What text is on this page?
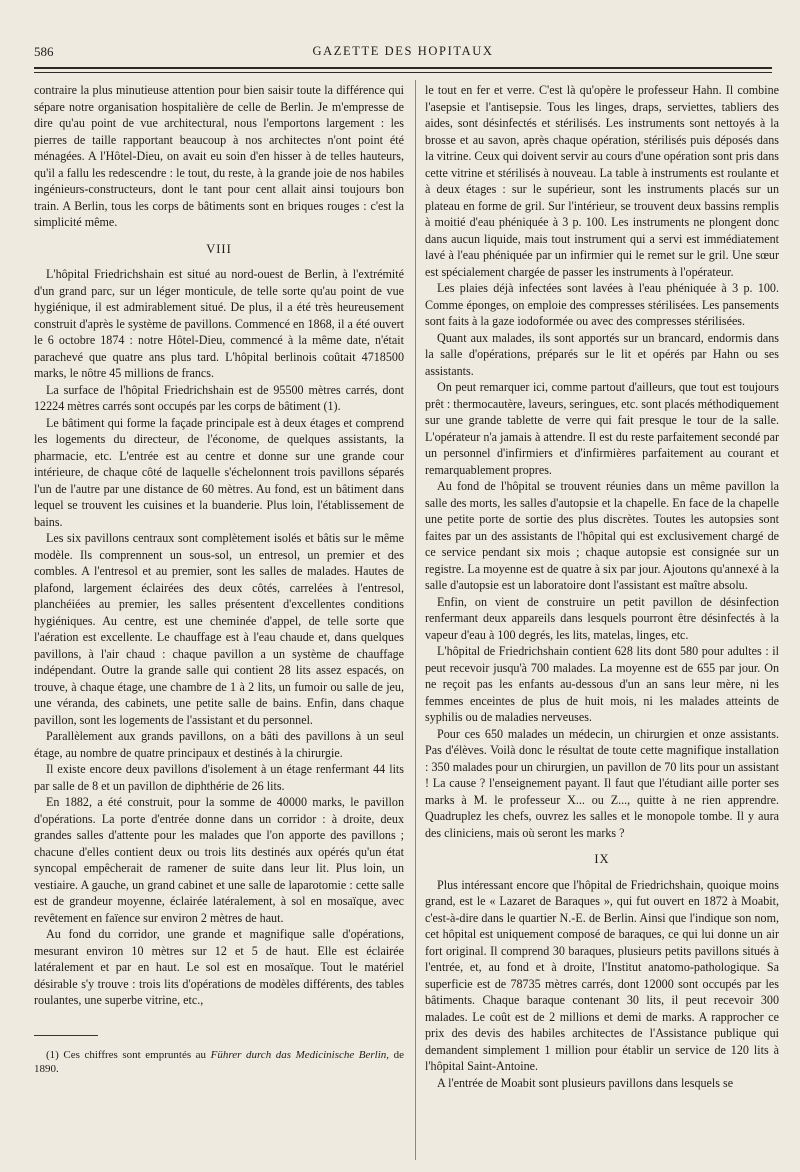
586	GAZETTE DES HOPITAUX

contraire la plus minutieuse attention pour bien saisir toute la différence qui sépare notre organisation hospitalière de celle de Berlin. Je m'empresse de dire qu'au point de vue architectural, nous l'emportons largement : les pierres de taille rapportant beaucoup à nos architectes n'ont point été ménagées. A l'Hôtel-Dieu, on avait eu soin d'en hisser à de telles hauteurs, qu'il a fallu les redescendre : le tout, du reste, à la grande joie de nos habiles ingénieurs-constructeurs, dont le tant pour cent allait ainsi toujours bon train. A Berlin, tous les corps de bâtiments sont en briques rouges : c'est la simplicité même.

VIII

L'hôpital Friedrichshain est situé au nord-ouest de Berlin, à l'extrémité d'un grand parc, sur un léger monticule, de telle sorte qu'au point de vue hygiénique, il est admirablement situé. De plus, il a été très heureusement construit d'après le système de pavillons. Commencé en 1868, il a été ouvert le 6 octobre 1874 : notre Hôtel-Dieu, commencé à la même date, n'était parachevé que quatre ans plus tard. L'hôpital berlinois coûtait 4718500 marks, le nôtre 45 millions de francs.

La surface de l'hôpital Friedrichshain est de 95500 mètres carrés, dont 12224 mètres carrés sont occupés par les corps de bâtiment (1).

Le bâtiment qui forme la façade principale est à deux étages et comprend les logements du directeur, de l'économe, de quelques assistants, la pharmacie, etc. L'entrée est au centre et donne sur une grande cour intérieure, de chaque côté de laquelle s'échelonnent trois pavillons séparés l'un de l'autre par une distance de 60 mètres. Au fond, est un bâtiment dans lequel se trouvent les cuisines et la buanderie. Plus loin, l'établissement de bains.

Les six pavillons centraux sont complètement isolés et bâtis sur le même modèle. Ils comprennent un sous-sol, un entresol, un premier et des combles. A l'entresol et au premier, sont les salles de malades. Hautes de plafond, largement éclairées des deux côtés, carrelées à l'entresol, planchéiées au premier, les salles présentent d'excellentes conditions hygiéniques. Au centre, est une cheminée d'appel, de telle sorte que l'aération est excellente. Le chauffage est à l'eau chaude et, dans quelques pavillons, à l'air chaud : chaque pavillon a un système de chauffage indépendant. Outre la grande salle qui contient 28 lits assez espacés, on trouve, à chaque étage, une chambre de 1 à 2 lits, un fumoir ou salle de jeu, une véranda, des cabinets, une petite salle de bains. Enfin, dans chaque pavillon, sont les logements de l'assistant et du personnel.

Parallèlement aux grands pavillons, on a bâti des pavillons à un seul étage, au nombre de quatre principaux et destinés à la chirurgie.

Il existe encore deux pavillons d'isolement à un étage renfermant 44 lits par salle de 8 et un pavillon de diphthérie de 26 lits.

En 1882, a été construit, pour la somme de 40000 marks, le pavillon d'opérations. La porte d'entrée donne dans un corridor : à droite, deux grandes salles d'attente pour les malades que l'on apporte des pavillons ; chacune d'elles contient deux ou trois lits destinés aux opérés qu'un état syncopal empêcherait de ramener de suite dans leur lit. Plus loin, un vestiaire. A gauche, un grand cabinet et une salle de laparotomie : cette salle est de grandeur moyenne, éclairée latéralement, à sol en mosaïque, avec revêtement en faïence sur environ 2 mètres de haut.

Au fond du corridor, une grande et magnifique salle d'opérations, mesurant environ 10 mètres sur 12 et 5 de haut. Elle est éclairée latéralement et par en haut. Le sol est en mosaïque. Tout le matériel désirable s'y trouve : trois lits d'opérations de modèles différents, des tables roulantes, une superbe vitrine, etc.,

(1) Ces chiffres sont empruntés au Führer durch das Medicinische Berlin, de 1890.

le tout en fer et verre. C'est là qu'opère le professeur Hahn. Il combine l'asepsie et l'antisepsie. Tous les linges, draps, serviettes, tabliers des aides, sont désinfectés et stérilisés. Les instruments sont nettoyés à la brosse et au savon, après chaque opération, stérilisés puis déposés dans la vitrine. Ceux qui doivent servir au cours d'une opération sont pris dans cette vitrine et stérilisés à nouveau. La table à instruments est roulante et à deux étages : sur le supérieur, sont les instruments placés sur un plateau en forme de gril. Sur l'intérieur, se trouvent deux bassins remplis à moitié d'eau phéniquée à 3 p. 100. Les instruments ne plongent donc dans aucun liquide, mais tout instrument qui a servi est immédiatement lavé à l'eau phéniquée par un infirmier qui le remet sur le gril. Une sœur est spécialement chargée de passer les instruments à l'opérateur.

Les plaies déjà infectées sont lavées à l'eau phéniquée à 3 p. 100. Comme éponges, on emploie des compresses stérilisées. Les pansements sont faits à la gaze iodoformée ou avec des compresses stérilisées.

Quant aux malades, ils sont apportés sur un brancard, endormis dans la salle d'opérations, préparés sur le lit et opérés par Hahn ou ses assistants.

On peut remarquer ici, comme partout d'ailleurs, que tout est toujours prêt : thermocautère, laveurs, seringues, etc. sont placés méthodiquement sur une grande tablette de verre qui fait presque le tour de la salle. L'opérateur n'a jamais à attendre. Il est du reste parfaitement secondé par un personnel d'infirmiers et d'infirmières parfaitement au courant et remarquablement propres.

Au fond de l'hôpital se trouvent réunies dans un même pavillon la salle des morts, les salles d'autopsie et la chapelle. En face de la chapelle une petite porte de sortie des plus discrètes. Toutes les autopsies sont faites par un des assistants de l'hôpital qui est exclusivement chargé de ce service pendant six mois ; chaque autopsie est consignée sur un registre. La moyenne est de quatre à six par jour. Ajoutons qu'annexé à la salle d'autopsie est un laboratoire dont l'assistant est maître absolu.

Enfin, on vient de construire un petit pavillon de désinfection renfermant deux appareils dans lesquels pourront être désinfectés à la vapeur d'eau à 100 degrés, les lits, matelas, linges, etc.

L'hôpital de Friedrichshain contient 628 lits dont 580 pour adultes : il peut recevoir jusqu'à 700 malades. La moyenne est de 655 par jour. On ne reçoit pas les enfants au-dessous d'un an sans leur mère, ni les femmes enceintes de plus de huit mois, ni les malades atteints de syphilis ou de maladies nerveuses.

Pour ces 650 malades un médecin, un chirurgien et onze assistants. Pas d'élèves. Voilà donc le résultat de toute cette magnifique installation : 350 malades pour un chirurgien, un pavillon de 70 lits pour un assistant ! La cause ? l'enseignement payant. Il faut que l'étudiant aille porter ses marks à M. le professeur X... ou Z..., quitte à ne rien apprendre. Quadruplez les chefs, ouvrez les salles et le monopole tombe. Il y aura des cliniciens, mais où seront les marks ?

IX

Plus intéressant encore que l'hôpital de Friedrichshain, quoique moins grand, est le « Lazaret de Baraques », qui fut ouvert en 1872 à Moabit, c'est-à-dire dans le quartier N.-E. de Berlin. Ainsi que l'indique son nom, cet hôpital est uniquement composé de baraques, ce qui lui donne un air fort original. Il comprend 30 baraques, plusieurs petits pavillons situés à l'entrée, et, au fond et à droite, l'Institut anatomo-pathologique. Sa superficie est de 78735 mètres carrés, dont 12000 sont occupés par les bâtiments. Chaque baraque contenant 30 lits, il peut recevoir 300 malades. Le coût est de 2 millions et demi de marks. A rapprocher ce prix des devis des habiles architectes de l'Assistance publique qui demandent simplement 1 million pour établir un service de 120 lits à l'hôpital Saint-Antoine.

A l'entrée de Moabit sont plusieurs pavillons dans lesquels se
